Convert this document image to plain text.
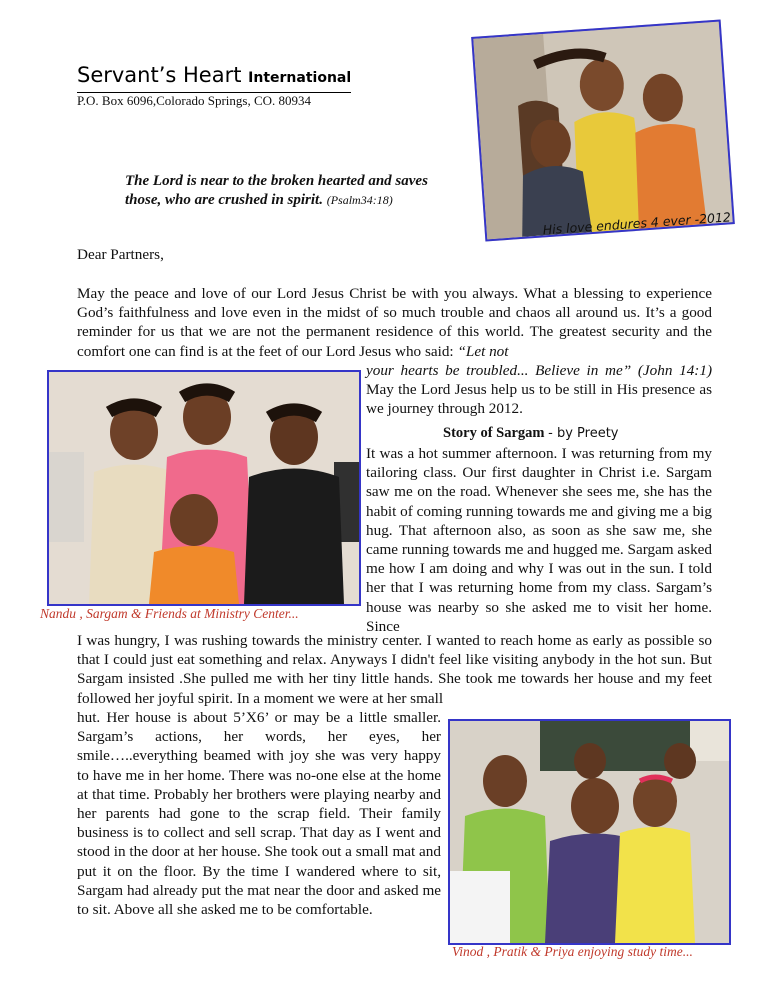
Servant’s Heart International
P.O. Box 6096,Colorado Springs, CO. 80934
The Lord is near to the broken hearted and saves those, who are crushed in spirit. (Psalm34:18)
His love endures 4 ever -2012
Dear Partners,
May the peace and love of our Lord Jesus Christ be with you always. What a blessing to experience God’s faithfulness and love even in the midst of so much trouble and chaos all around us. It’s a good reminder for us that we are not the permanent residence of this world. The greatest security and the comfort one can find is at the feet of our Lord Jesus who said: “Let not
your hearts be troubled... Believe in me” (John 14:1) May the Lord Jesus help us to be still in His presence as we journey through 2012.
Nandu , Sargam & Friends at Ministry Center...
Story of Sargam - by Preety
It was a hot summer afternoon. I was returning from my tailoring class. Our first daughter in Christ i.e. Sargam saw me on the road. Whenever she sees me, she has the habit of coming running towards me and giving me a big hug. That afternoon also, as soon as she saw me, she came running towards me and hugged me. Sargam asked me how I am doing and why I was out in the sun. I told her that I was returning home from my class. Sargam’s house was nearby so she asked me to visit her home. Since
I was hungry, I was rushing towards the ministry center. I wanted to reach home as early as possible so that I could just eat something and relax. Anyways I didn't feel like visiting anybody in the hot sun. But Sargam insisted .She pulled me with her tiny little hands. She took me towards her house and my feet followed her joyful spirit. In a moment we were at her small
hut. Her house is about 5’X6’ or may be a little smaller. Sargam’s actions, her words, her eyes, her smile…..everything beamed with joy she was very happy to have me in her home. There was no-one else at the home at that time. Probably her brothers were playing nearby and her parents had gone to the scrap field. Their family business is to collect and sell scrap. That day as I went and stood in the door at her house. She took out a small mat and put it on the floor. By the time I wandered where to sit, Sargam had already put the mat near the door and asked me to sit. Above all she asked me to be comfortable.
Vinod , Pratik & Priya enjoying study time...
